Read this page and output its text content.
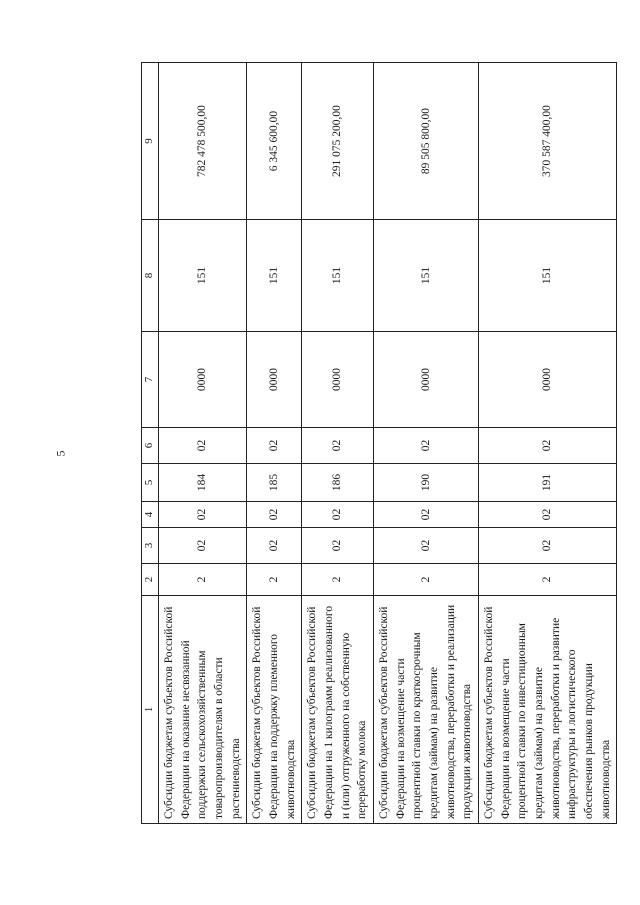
5
1	2	3	4	5	6	7	8	9
Субсидии бюджетам субъектов Российской Федерации на оказание несвязанной поддержки сельскохозяйственным товаропроизводителям в области растениеводства	2	02	02	184	02	0000	151	782 478 500,00
Субсидии бюджетам субъектов Российской Федерации на поддержку племенного животноводства	2	02	02	185	02	0000	151	6 345 600,00
Субсидии бюджетам субъектов Российской Федерации на 1 килограмм реализованного и (или) отгруженного на собственную переработку молока	2	02	02	186	02	0000	151	291 075 200,00
Субсидии бюджетам субъектов Российской Федерации на возмещение части процентной ставки по краткосрочным кредитам (займам) на развитие животноводства, переработки и реализации продукции животноводства	2	02	02	190	02	0000	151	89 505 800,00
Субсидии бюджетам субъектов Российской Федерации на возмещение части процентной ставки по инвестиционным кредитам (займам) на развитие животноводства, переработки и развитие инфраструктуры и логистического обеспечения рынков продукции животноводства	2	02	02	191	02	0000	151	370 587 400,00
